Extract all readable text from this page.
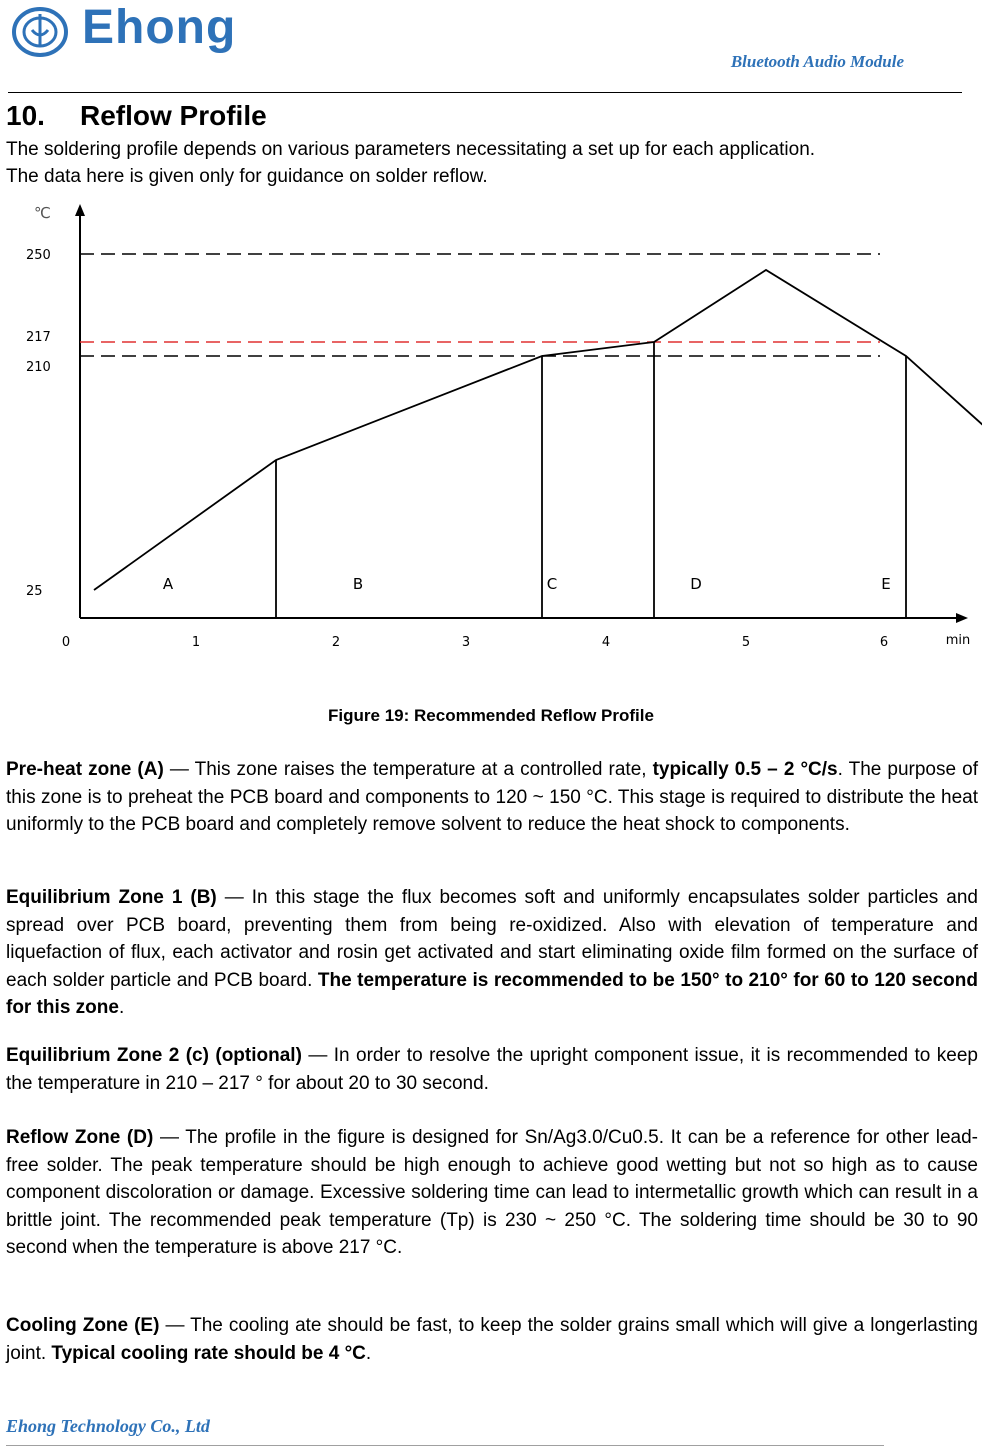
Ehong
Bluetooth Audio Module
10. Reflow Profile
The soldering profile depends on various parameters necessitating a set up for each application.
The data here is given only for guidance on solder reflow.
250
217
210
25
℃
0	1	2	3	4	5	6	min
A	B	C	D	E
Figure 19: Recommended Reflow Profile
Pre-heat zone (A) — This zone raises the temperature at a controlled rate, typically 0.5 – 2 °C/s. The purpose of this zone is to preheat the PCB board and components to 120 ~ 150 °C. This stage is required to distribute the heat uniformly to the PCB board and completely remove solvent to reduce the heat shock to components.
Equilibrium Zone 1 (B) — In this stage the flux becomes soft and uniformly encapsulates solder particles and spread over PCB board, preventing them from being re-oxidized. Also with elevation of temperature and liquefaction of flux, each activator and rosin get activated and start eliminating oxide film formed on the surface of each solder particle and PCB board. The temperature is recommended to be 150° to 210° for 60 to 120 second for this zone.
Equilibrium Zone 2 (c) (optional) — In order to resolve the upright component issue, it is recommended to keep the temperature in 210 – 217 ° for about 20 to 30 second.
Reflow Zone (D) — The profile in the figure is designed for Sn/Ag3.0/Cu0.5. It can be a reference for other lead-free solder. The peak temperature should be high enough to achieve good wetting but not so high as to cause component discoloration or damage. Excessive soldering time can lead to intermetallic growth which can result in a brittle joint. The recommended peak temperature (Tp) is 230 ~ 250 °C. The soldering time should be 30 to 90 second when the temperature is above 217 °C.
Cooling Zone (E) — The cooling ate should be fast, to keep the solder grains small which will give a longerlasting joint. Typical cooling rate should be 4 °C.
Ehong Technology Co., Ltd
